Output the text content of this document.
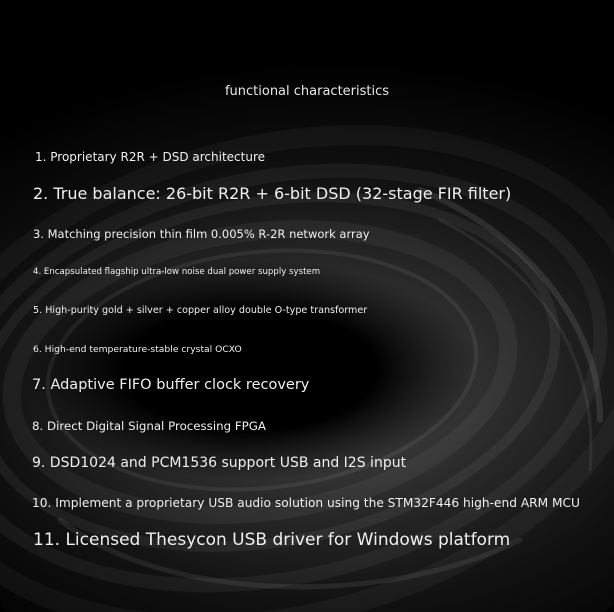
functional characteristics
1. Proprietary R2R + DSD architecture
2. True balance: 26-bit R2R + 6-bit DSD (32-stage FIR filter)
3. Matching precision thin film 0.005% R-2R network array
4. Encapsulated flagship ultra-low noise dual power supply system
5. High-purity gold + silver + copper alloy double O-type transformer
6. High-end temperature-stable crystal OCXO
7. Adaptive FIFO buffer clock recovery
8. Direct Digital Signal Processing FPGA
9. DSD1024 and PCM1536 support USB and I2S input
10. Implement a proprietary USB audio solution using the STM32F446 high-end ARM MCU
11. Licensed Thesycon USB driver for Windows platform
